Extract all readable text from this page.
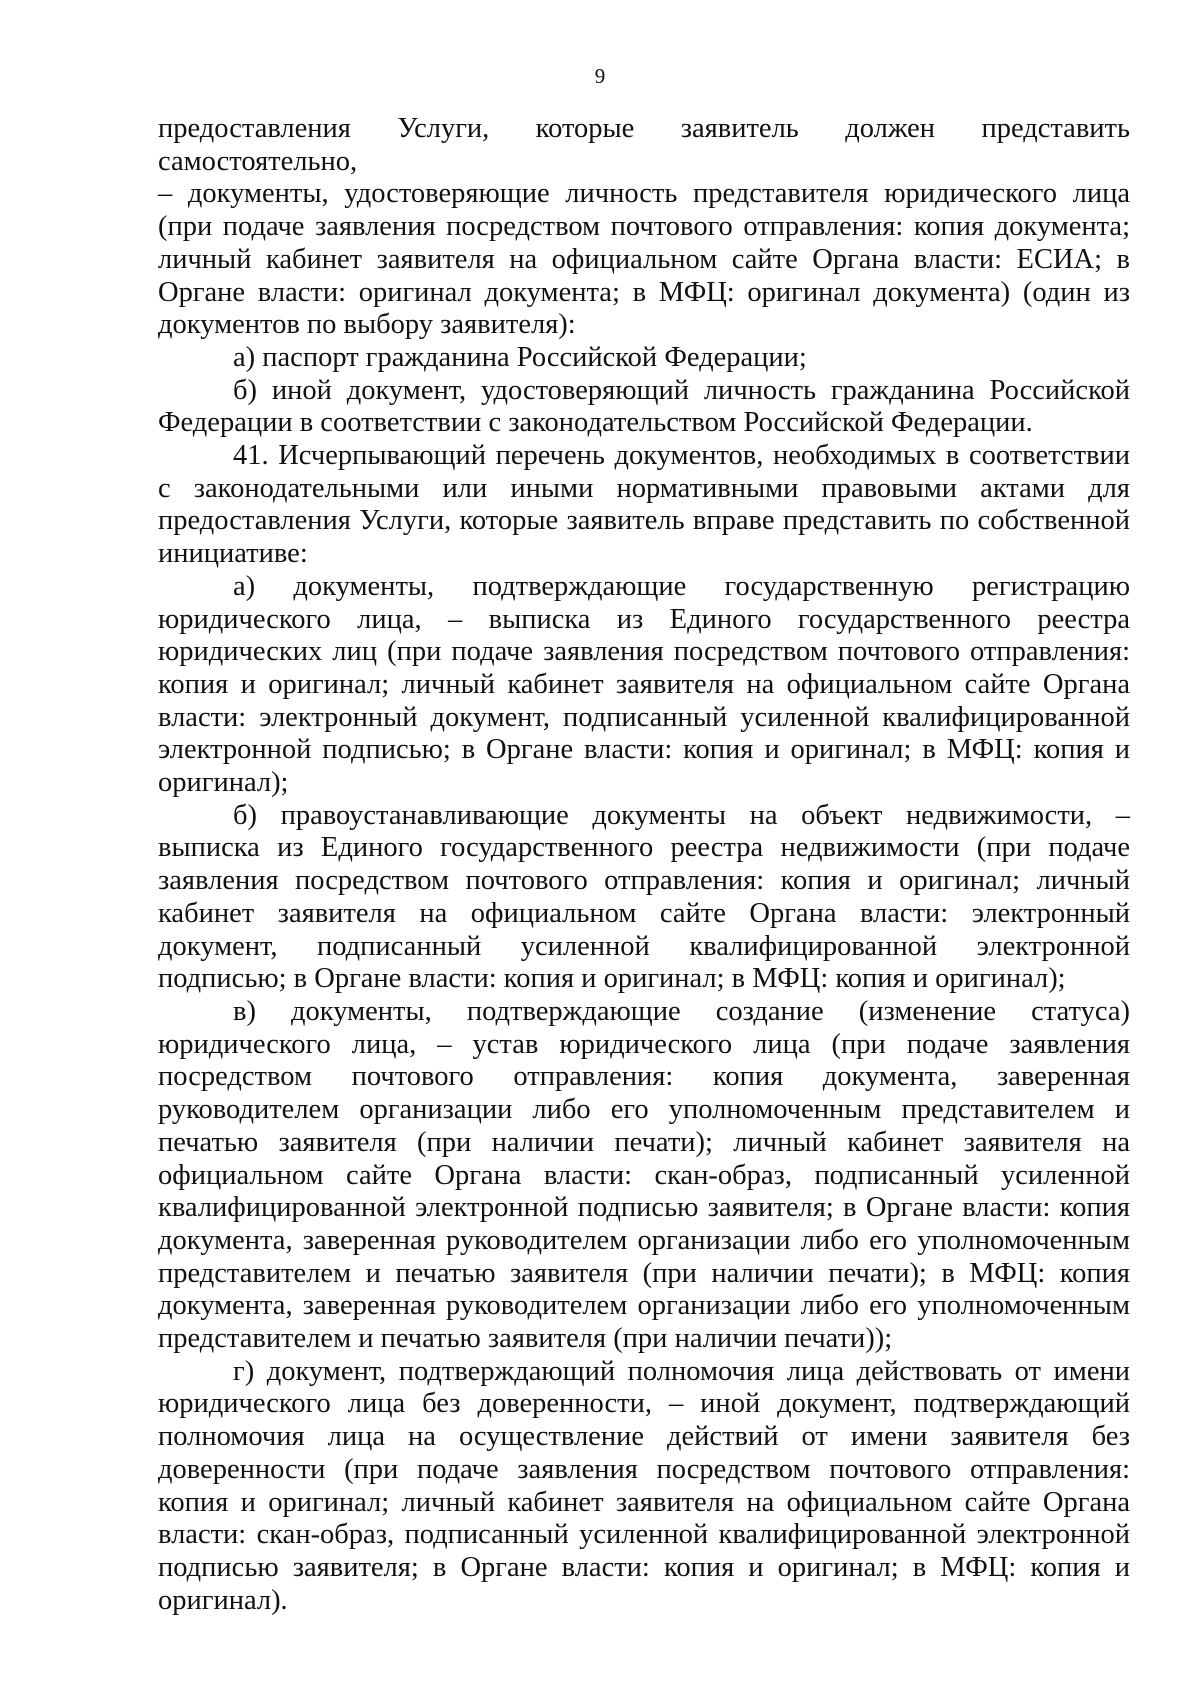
9

предоставления Услуги, которые заявитель должен представить самостоятельно,

– документы, удостоверяющие личность представителя юридического лица (при подаче заявления посредством почтового отправления: копия документа; личный кабинет заявителя на официальном сайте Органа власти: ЕСИА; в Органе власти: оригинал документа; в МФЦ: оригинал документа) (один из документов по выбору заявителя):

а) паспорт гражданина Российской Федерации;

б) иной документ, удостоверяющий личность гражданина Российской Федерации в соответствии с законодательством Российской Федерации.

41. Исчерпывающий перечень документов, необходимых в соответствии с законодательными или иными нормативными правовыми актами для предоставления Услуги, которые заявитель вправе представить по собственной инициативе:

а) документы, подтверждающие государственную регистрацию юридического лица, – выписка из Единого государственного реестра юридических лиц (при подаче заявления посредством почтового отправления: копия и оригинал; личный кабинет заявителя на официальном сайте Органа власти: электронный документ, подписанный усиленной квалифицированной электронной подписью; в Органе власти: копия и оригинал; в МФЦ: копия и оригинал);

б) правоустанавливающие документы на объект недвижимости, – выписка из Единого государственного реестра недвижимости (при подаче заявления посредством почтового отправления: копия и оригинал; личный кабинет заявителя на официальном сайте Органа власти: электронный документ, подписанный усиленной квалифицированной электронной подписью; в Органе власти: копия и оригинал; в МФЦ: копия и оригинал);

в) документы, подтверждающие создание (изменение статуса) юридического лица, – устав юридического лица (при подаче заявления посредством почтового отправления: копия документа, заверенная руководителем организации либо его уполномоченным представителем и печатью заявителя (при наличии печати); личный кабинет заявителя на официальном сайте Органа власти: скан-образ, подписанный усиленной квалифицированной электронной подписью заявителя; в Органе власти: копия документа, заверенная руководителем организации либо его уполномоченным представителем и печатью заявителя (при наличии печати); в МФЦ: копия документа, заверенная руководителем организации либо его уполномоченным представителем и печатью заявителя (при наличии печати));

г) документ, подтверждающий полномочия лица действовать от имени юридического лица без доверенности, – иной документ, подтверждающий полномочия лица на осуществление действий от имени заявителя без доверенности (при подаче заявления посредством почтового отправления: копия и оригинал; личный кабинет заявителя на официальном сайте Органа власти: скан-образ, подписанный усиленной квалифицированной электронной подписью заявителя; в Органе власти: копия и оригинал; в МФЦ: копия и оригинал).
